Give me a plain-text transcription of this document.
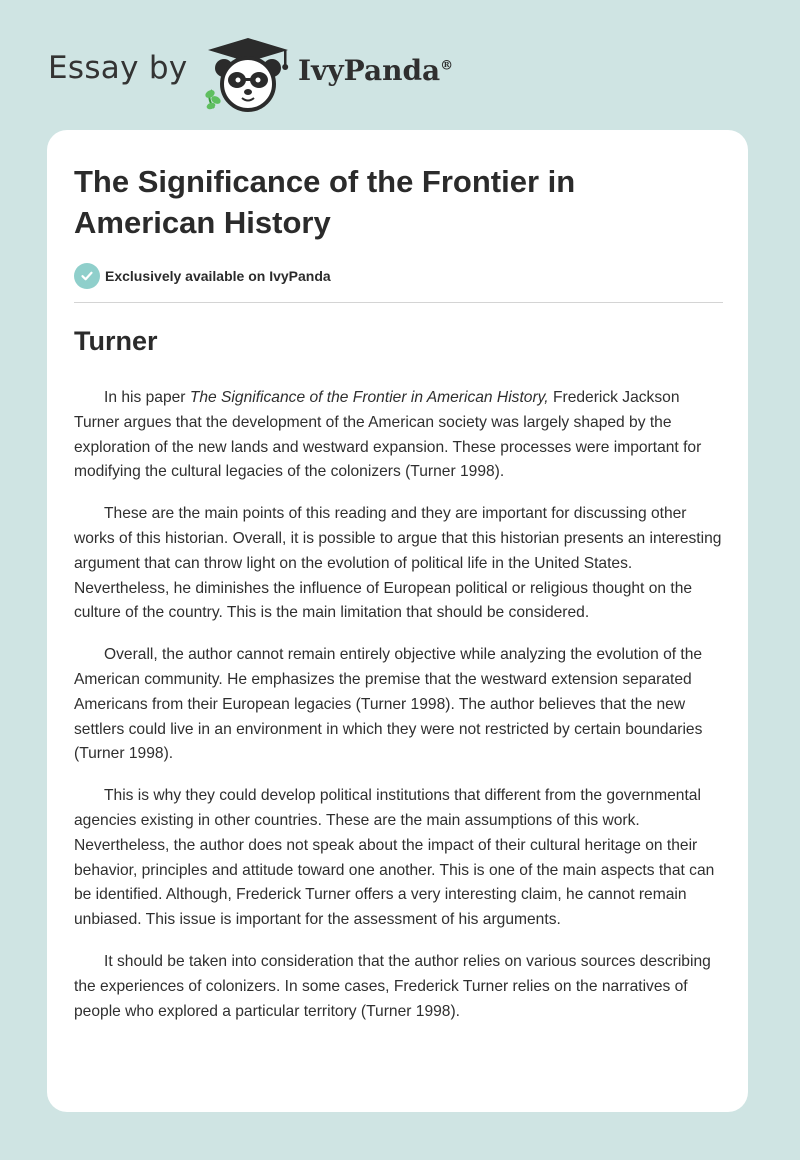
Essay by	IvyPanda®
The Significance of the Frontier in American History
Exclusively available on IvyPanda
Turner

In his paper The Significance of the Frontier in American History, Frederick Jackson Turner argues that the development of the American society was largely shaped by the exploration of the new lands and westward expansion. These processes were important for modifying the cultural legacies of the colonizers (Turner 1998).

These are the main points of this reading and they are important for discussing other works of this historian. Overall, it is possible to argue that this historian presents an interesting argument that can throw light on the evolution of political life in the United States. Nevertheless, he diminishes the influence of European political or religious thought on the culture of the country. This is the main limitation that should be considered.

Overall, the author cannot remain entirely objective while analyzing the evolution of the American community. He emphasizes the premise that the westward extension separated Americans from their European legacies (Turner 1998). The author believes that the new settlers could live in an environment in which they were not restricted by certain boundaries (Turner 1998).

This is why they could develop political institutions that different from the governmental agencies existing in other countries. These are the main assumptions of this work. Nevertheless, the author does not speak about the impact of their cultural heritage on their behavior, principles and attitude toward one another. This is one of the main aspects that can be identified. Although, Frederick Turner offers a very interesting claim, he cannot remain unbiased. This issue is important for the assessment of his arguments.

It should be taken into consideration that the author relies on various sources describing the experiences of colonizers. In some cases, Frederick Turner relies on the narratives of people who explored a particular territory (Turner 1998).
